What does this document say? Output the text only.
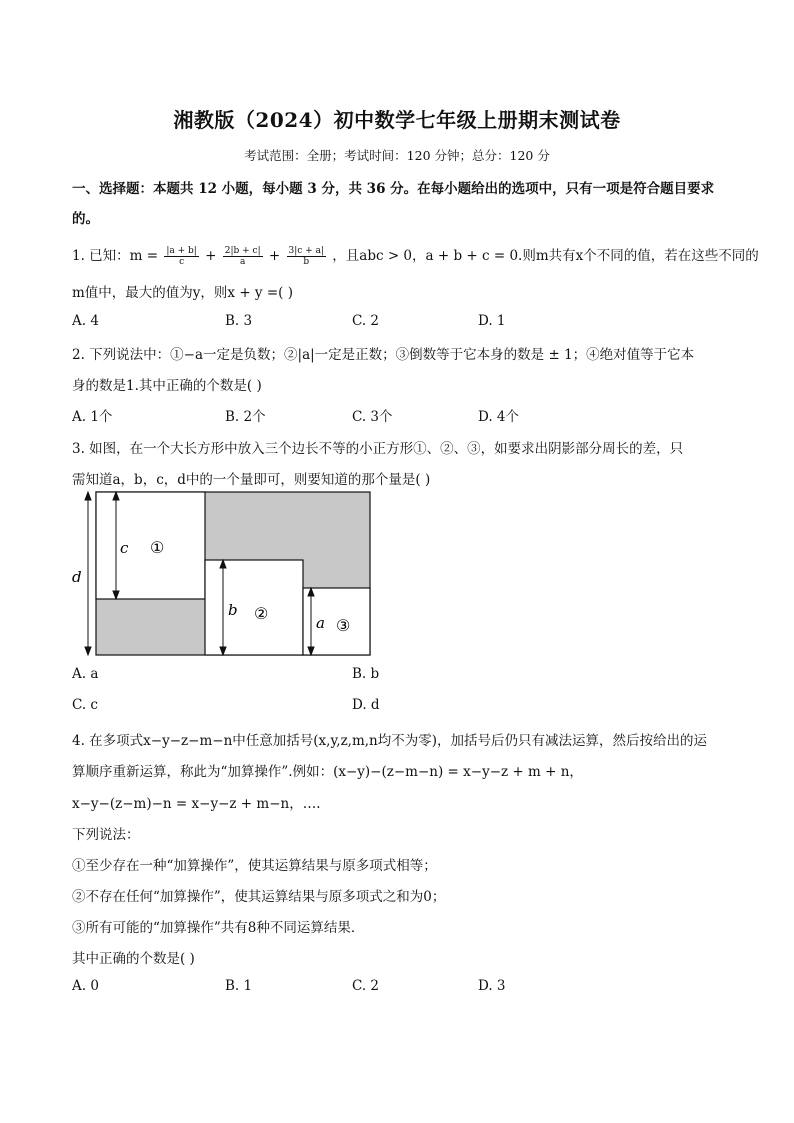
湘教版（2024）初中数学七年级上册期末测试卷
考试范围：全册；考试时间：120 分钟；总分：120 分
一、选择题：本题共 12 小题，每小题 3 分，共 36 分。在每小题给出的选项中，只有一项是符合题目要求
的。
1. 已知：$m = \frac{|a + b|}{c} + \frac{2|b + c|}{a} + \frac{3|c + a|}{b}$ ，且abc > 0，a + b + c = 0.则m共有x个不同的值，若在这些不同的
m值中，最大的值为y，则x + y =( )
A. 4	B. 3	C. 2	D. 1
2. 下列说法中：①−a一定是负数；②|a|一定是正数；③倒数等于它本身的数是 ± 1；④绝对值等于它本
身的数是1.其中正确的个数是( )
A. 1个	B. 2个	C. 3个	D. 4个
3. 如图，在一个大长方形中放入三个边长不等的小正方形①、②、③，如要求出阴影部分周长的差，只
需知道a，b，c，d中的一个量即可，则要知道的那个量是( )
d
c ①
b ②	a ③
A. a	B. b
C. c	D. d
4. 在多项式x−y−z−m−n中任意加括号(x,y,z,m,n均不为零)，加括号后仍只有减法运算，然后按给出的运
算顺序重新运算，称此为“加算操作”.例如：(x−y)−(z−m−n) = x−y−z + m + n，
x−y−(z−m)−n = x−y−z + m−n，….
下列说法：
①至少存在一种“加算操作”，使其运算结果与原多项式相等；
②不存在任何“加算操作”，使其运算结果与原多项式之和为0；
③所有可能的“加算操作”共有8种不同运算结果．
其中正确的个数是( )
A. 0	B. 1	C. 2	D. 3
